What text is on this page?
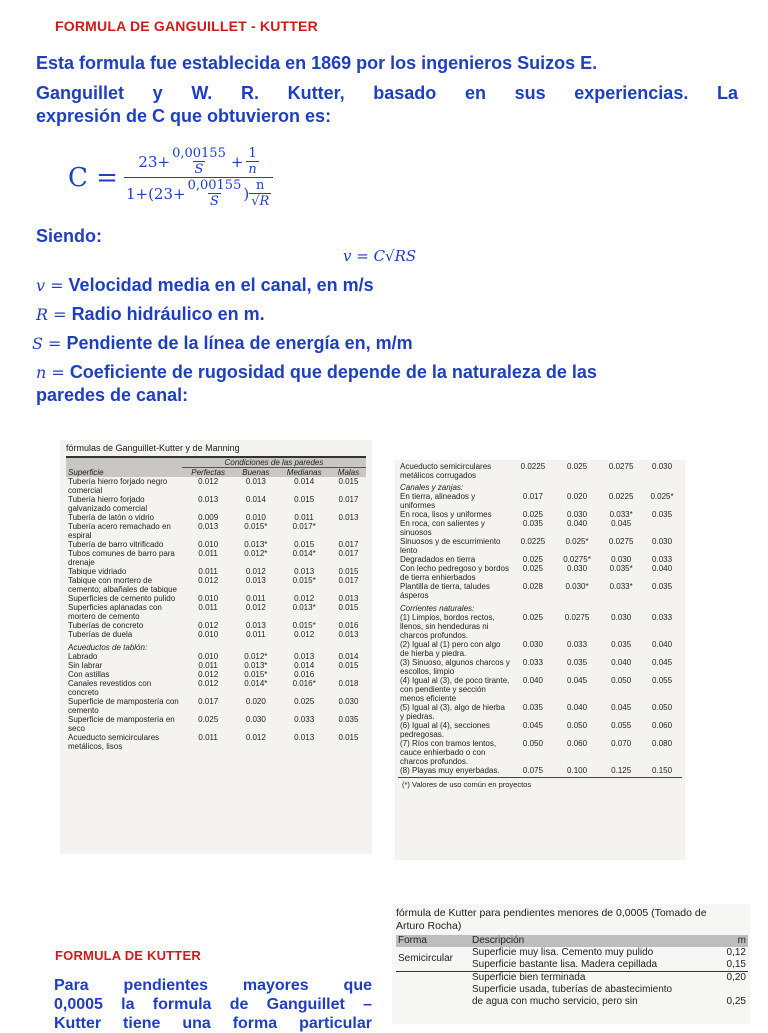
FORMULA DE GANGUILLET - KUTTER
Esta formula fue establecida en 1869 por los ingenieros Suizos E.
Ganguillet y W. R. Kutter, basado en sus experiencias. La
expresión de C que obtuvieron es:
C =
$23+ \frac{0,00155}{S} + \frac{1}{n}$
$1+(23+ \frac{0,00155}{S}$ ) $\frac{n}{√R}$
Siendo:
v = C√RS
v = Velocidad media en el canal, en m/s
R = Radio hidráulico en m.
S = Pendiente de la línea de energía en, m/m
n = Coeficiente de rugosidad que depende de la naturaleza de las
paredes de canal:
fórmulas de Ganguillet-Kutter y de Manning
	Condiciones de las paredes			
Superficie	Perfectas	Buenas	Medianas	Malas
Tubería hierro forjado negro comercial	0.012	0.013	0.014	0.015
Tubería hierro forjado galvanizado comercial	0.013	0.014	0.015	0.017
Tubería de latón o vidrio	0.009	0.010	0.011	0.013
Tubería acero remachado en espiral	0.013	0.015*	0.017*	
Tubería de barro vitrificado	0.010	0.013*	0.015	0.017
Tubos comunes de barro para drenaje	0.011	0.012*	0.014*	0.017
Tabique vidriado	0.011	0.012	0.013	0.015
Tabique con mortero de cemento; albañales de tabique	0.012	0.013	0.015*	0.017
Superficies de cemento pulido	0.010	0.011	0.012	0.013
Superficies aplanadas con mortero de cemento	0.011	0.012	0.013*	0.015
Tuberías de concreto	0.012	0.013	0.015*	0.016
Tuberías de duela	0.010	0.011	0.012	0.013
Acueductos de tablón:				
Labrado	0.010	0.012*	0.013	0.014
Sin labrar	0.011	0.013*	0.014	0.015
Con astillas	0.012	0.015*	0.016	
Canales revestidos con concreto	0.012	0.014*	0.016*	0.018
Superficie de mampostería con cemento	0.017	0.020	0.025	0.030
Superficie de mampostería en seco	0.025	0.030	0.033	0.035
Acueducto semicirculares metálicos, lisos	0.011	0.012	0.013	0.015
Acueducto semicirculares metálicos corrugados	0.0225	0.025	0.0275	0.030
Canales y zanjas:				
En tierra, alineados y uniformes	0.017	0.020	0.0225	0.025*
En roca, lisos y uniformes	0.025	0.030	0.033*	0.035
En roca, con salientes y sinuosos	0.035	0.040	0.045	
Sinuosos y de escurrimiento lento	0.0225	0.025*	0.0275	0.030
Degradados en tierra	0.025	0.0275*	0.030	0.033
Con lecho pedregoso y bordos de tierra enhierbados	0.025	0.030	0.035*	0.040
Plantilla de tierra, taludes ásperos	0.028	0.030*	0.033*	0.035
Corrientes naturales:				
(1) Limpios, bordos rectos, llenos, sin hendeduras ni charcos profundos.	0.025	0.0275	0.030	0.033
(2) Igual al (1) pero con algo de hierba y piedra.	0.030	0.033	0.035	0.040
(3) Sinuoso, algunos charcos y escollos, limpio	0.033	0.035	0.040	0.045
(4) Igual al (3), de poco tirante, con pendiente y sección menos eficiente	0.040	0.045	0.050	0.055
(5) Igual al (3), algo de hierba y piedras.	0.035	0.040	0.045	0.050
(6) Igual al (4), secciones pedregosas.	0.045	0.050	0.055	0.060
(7) Ríos con tramos lentos, cauce enhierbado o con charcos profundos.	0.050	0.060	0.070	0.080
(8) Playas muy enyerbadas.	0.075	0.100	0.125	0.150
(*) Valores de uso común en proyectos
FORMULA DE KUTTER
Para pendientes mayores que
0,0005 la formula de Ganguillet –
Kutter tiene una forma particular
fórmula de Kutter para pendientes menores de 0,0005 (Tomado de
Arturo Rocha)
Forma	Descripción	m
Semicircular	Superficie muy lisa. Cemento muy pulido	0,12
	Superficie bastante lisa. Madera cepillada	0,15
	Superficie bien terminada	0,20
	Superficie usada, tuberías de abastecimiento	
	de agua con mucho servicio, pero sin	0,25
